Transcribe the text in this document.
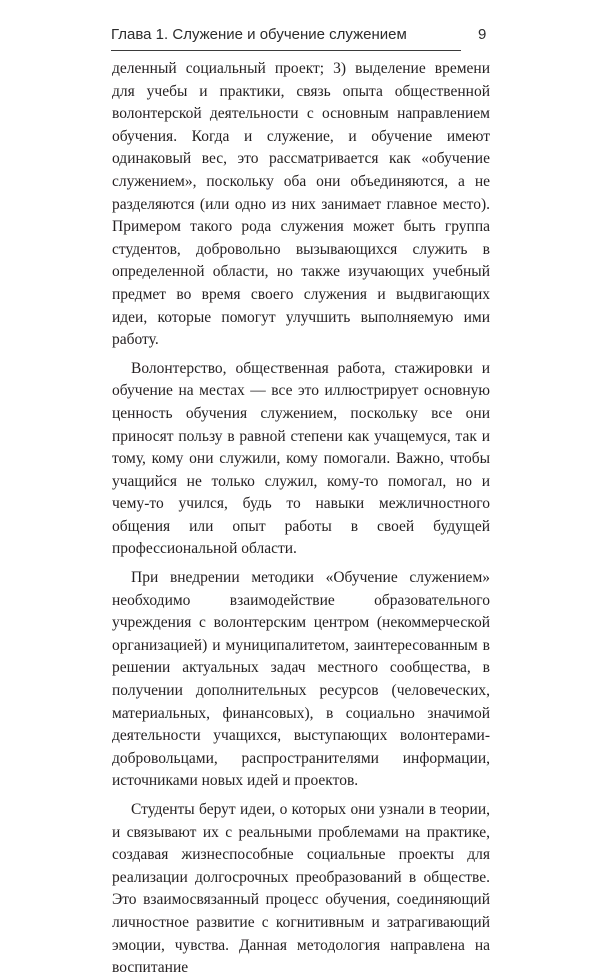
Глава 1. Служение и обучение служением	9

деленный социальный проект; 3) выделение времени для учебы и практики, связь опыта общественной волонтерской деятельности с основным направлением обучения. Когда и служение, и обучение имеют одинаковый вес, это рассматривается как «обучение служением», поскольку оба они объединяются, а не разделяются (или одно из них занимает главное место). Примером такого рода служения может быть группа студентов, добровольно вызывающихся служить в определенной области, но также изучающих учебный предмет во время своего служения и выдвигающих идеи, которые помогут улучшить выполняемую ими работу.

Волонтерство, общественная работа, стажировки и обучение на местах — все это иллюстрирует основную ценность обучения служением, поскольку все они приносят пользу в равной степени как учащемуся, так и тому, кому они служили, кому помогали. Важно, чтобы учащийся не только служил, кому-то помогал, но и чему-то учился, будь то навыки межличностного общения или опыт работы в своей будущей профессиональной области.

При внедрении методики «Обучение служением» необходимо взаимодействие образовательного учреждения с волонтерским центром (некоммерческой организацией) и муниципалитетом, заинтересованным в решении актуальных задач местного сообщества, в получении дополнительных ресурсов (человеческих, материальных, финансовых), в социально значимой деятельности учащихся, выступающих волонтерами-добровольцами, распространителями информации, источниками новых идей и проектов.

Студенты берут идеи, о которых они узнали в теории, и связывают их с реальными проблемами на практике, создавая жизнеспособные социальные проекты для реализации долгосрочных преобразований в обществе. Это взаимосвязанный процесс обучения, соединяющий личностное развитие с когнитивным и затрагивающий эмоции, чувства. Данная методология направлена на воспитание
